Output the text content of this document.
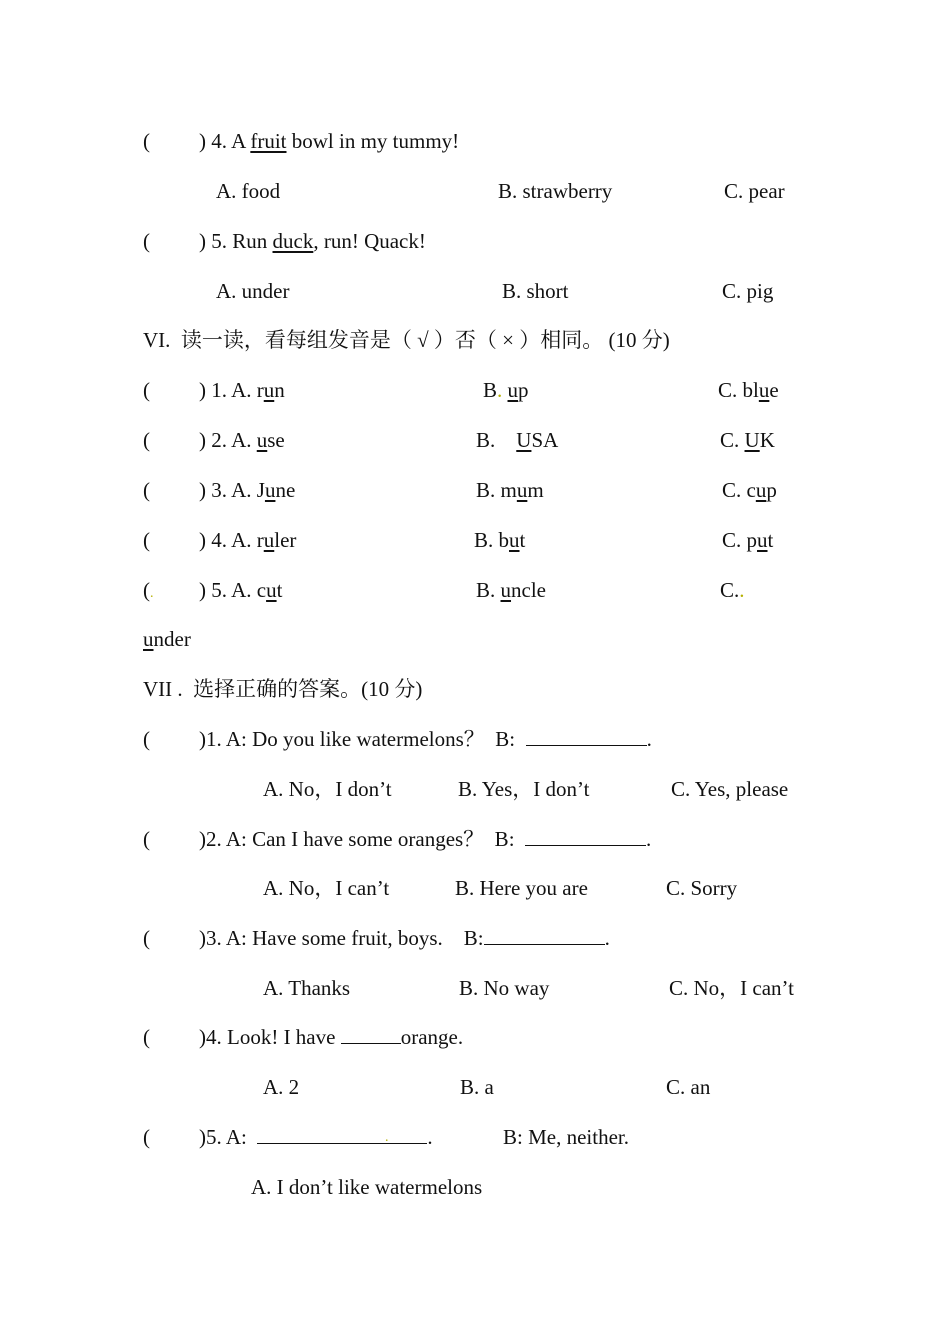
( ) 4. A fruit bowl in my tummy!
A. food	B. strawberry	C. pear
( ) 5. Run duck, run! Quack!
A. under	B. short	C. pig
VI.  读一读，看每组发音是（ √ ）否（ × ）相同。 (10 分)
( ) 1. A. run	B. up	C. blue
( ) 2. A. use	B.    USA	C. UK
( ) 3. A. June	B. mum	C. cup
( ) 4. A. ruler	B. but	C. put
(. ) 5. A. cut	B. uncle	C..
under
VII .  选择正确的答案。(10 分)
( )1. A: Do you like watermelons？  B:	.
A. No，I don’t	B. Yes，I don’t	C. Yes, please
( )2. A: Can I have some oranges？  B:	.
A. No，I can’t	B. Here you are	C. Sorry
( )3. A: Have some fruit, boys.    B:	.
A. Thanks	B. No way	C. No，I can’t
( )4. Look! I have	orange.
A. 2	B. a	C. an
( )5. A:	.
.	B: Me, neither.
A. I don’t like watermelons
